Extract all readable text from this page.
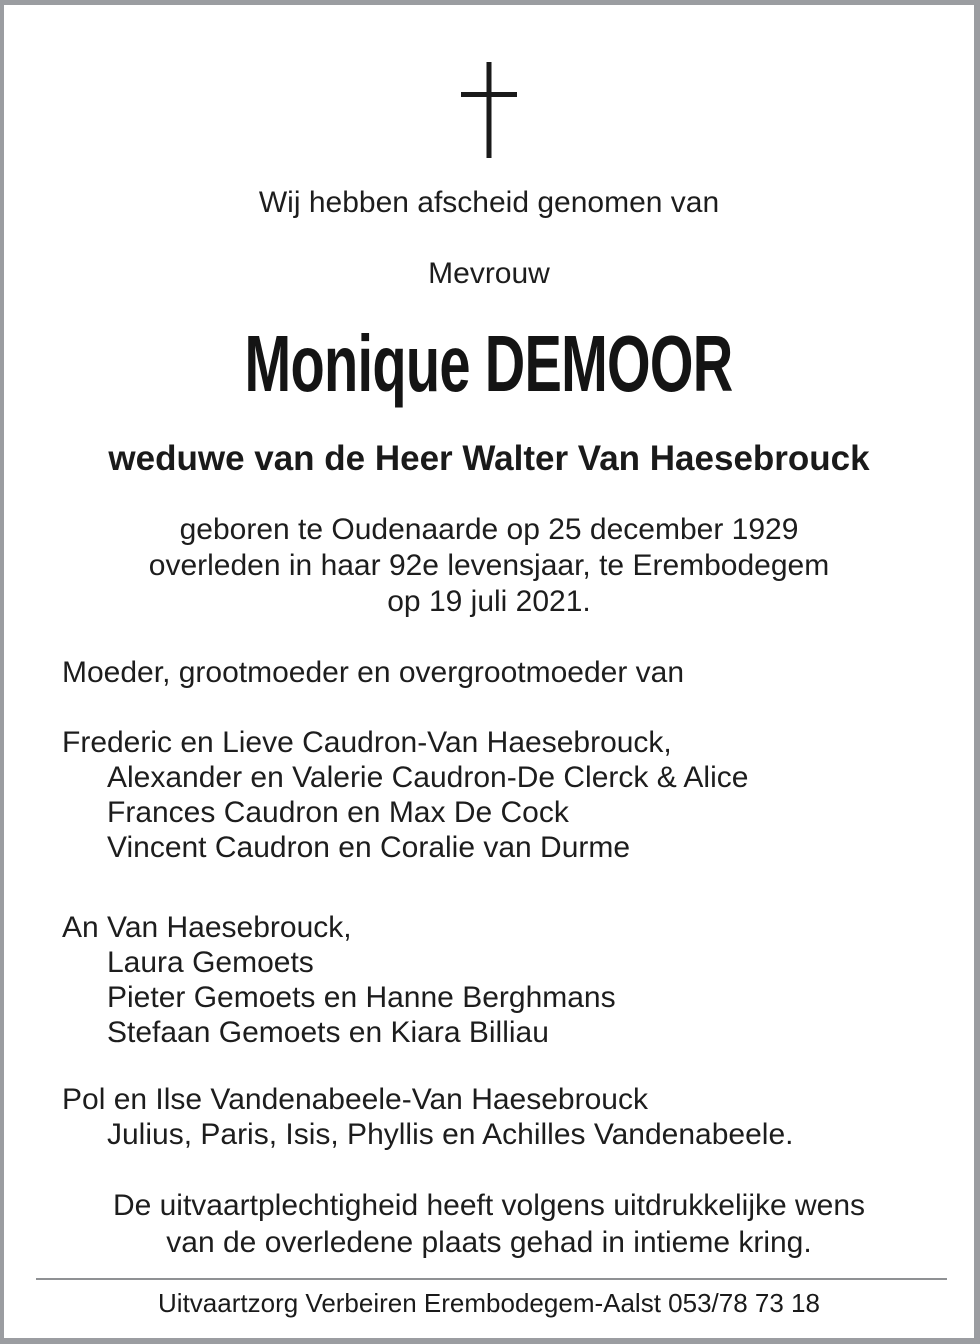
Wij hebben afscheid genomen van
Mevrouw
Monique DEMOOR
weduwe van de Heer Walter Van Haesebrouck
geboren te Oudenaarde op 25 december 1929
overleden in haar 92e levensjaar, te Erembodegem
op 19 juli 2021.
Moeder, grootmoeder en overgrootmoeder van
Frederic en Lieve Caudron-Van Haesebrouck,
Alexander en Valerie Caudron-De Clerck & Alice
Frances Caudron en Max De Cock
Vincent Caudron en Coralie van Durme
An Van Haesebrouck,
Laura Gemoets
Pieter Gemoets en Hanne Berghmans
Stefaan Gemoets en Kiara Billiau
Pol en Ilse Vandenabeele-Van Haesebrouck
Julius, Paris, Isis, Phyllis en Achilles Vandenabeele.
De uitvaartplechtigheid heeft volgens uitdrukkelijke wens
van de overledene plaats gehad in intieme kring.
Uitvaartzorg Verbeiren Erembodegem-Aalst 053/78 73 18
